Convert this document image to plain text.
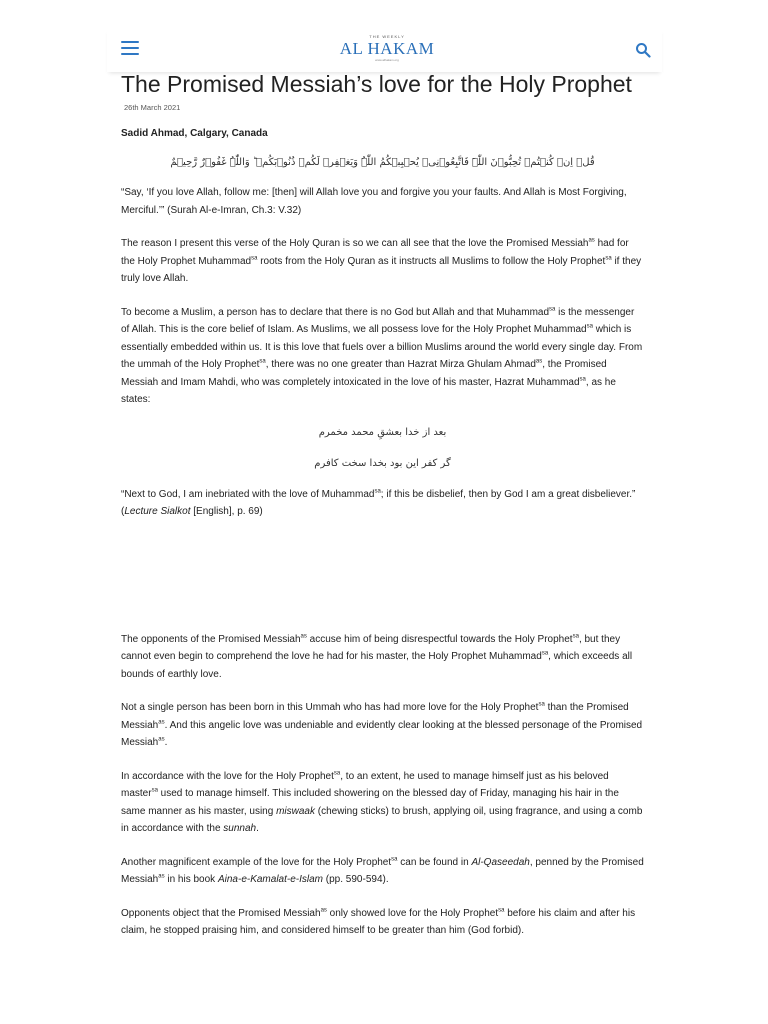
THE WEEKLY
AL HAKAM
www.alhakam.org
The Promised Messiah’s love for the Holy Prophet
26th March 2021
Sadid Ahmad, Calgary, Canada
قُلۡ اِنۡ کُنۡتُمۡ تُحِبُّوۡنَ اللّٰہَ فَاتَّبِعُوۡنِیۡ یُحۡبِبۡکُمُ اللّٰہُ وَیَغۡفِرۡ لَکُمۡ ذُنُوۡبَکُمۡ ؕ وَاللّٰہُ غَفُوۡرٌ رَّحِیۡمٌ

“Say, ‘If you love Allah, follow me: [then] will Allah love you and forgive you your faults. And Allah is Most Forgiving, Merciful.’” (Surah Al-e-Imran, Ch.3: V.32)

The reason I present this verse of the Holy Quran is so we can all see that the love the Promised Messiah$^{as}$ had for the Holy Prophet Muhammad$^{sa}$ roots from the Holy Quran as it instructs all Muslims to follow the Holy Prophet$^{sa}$ if they truly love Allah.

To become a Muslim, a person has to declare that there is no God but Allah and that Muhammad$^{sa}$ is the messenger of Allah. This is the core belief of Islam. As Muslims, we all possess love for the Holy Prophet Muhammad$^{sa}$ which is essentially embedded within us. It is this love that fuels over a billion Muslims around the world every single day. From the ummah of the Holy Prophet$^{sa}$, there was no one greater than Hazrat Mirza Ghulam Ahmad$^{as}$, the Promised Messiah and Imam Mahdi, who was completely intoxicated in the love of his master, Hazrat Muhammad$^{sa}$, as he states:

بعد از خدا بعشقِ محمد مخمرم
گر کفر این بود بخدا سخت کافرم

“Next to God, I am inebriated with the love of Muhammad$^{sa}$; if this be disbelief, then by God I am a great disbeliever.” (Lecture Sialkot [English], p. 69)

The opponents of the Promised Messiah$^{as}$ accuse him of being disrespectful towards the Holy Prophet$^{sa}$, but they cannot even begin to comprehend the love he had for his master, the Holy Prophet Muhammad$^{sa}$, which exceeds all bounds of earthly love.

Not a single person has been born in this Ummah who has had more love for the Holy Prophet$^{sa}$ than the Promised Messiah$^{as}$. And this angelic love was undeniable and evidently clear looking at the blessed personage of the Promised Messiah$^{as}$.

In accordance with the love for the Holy Prophet$^{sa}$, to an extent, he used to manage himself just as his beloved master$^{sa}$ used to manage himself. This included showering on the blessed day of Friday, managing his hair in the same manner as his master, using miswaak (chewing sticks) to brush, applying oil, using fragrance, and using a comb in accordance with the sunnah.

Another magnificent example of the love for the Holy Prophet$^{sa}$ can be found in Al-Qaseedah, penned by the Promised Messiah$^{as}$ in his book Aina-e-Kamalat-e-Islam (pp. 590-594).

Opponents object that the Promised Messiah$^{as}$ only showed love for the Holy Prophet$^{sa}$ before his claim and after his claim, he stopped praising him, and considered himself to be greater than him (God forbid).
